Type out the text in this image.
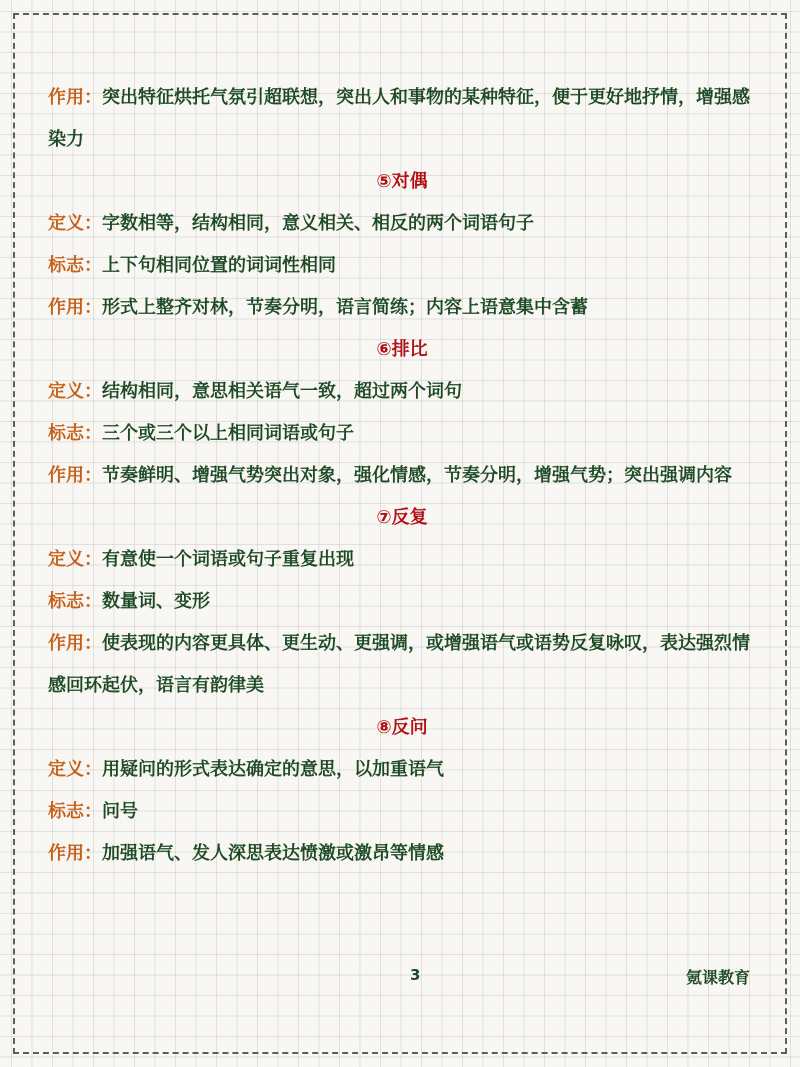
作用：突出特征烘托气氛引超联想，突出人和事物的某种特征，便于更好地抒情，增强感染力
⑤对偶
定义：字数相等，结构相同，意义相关、相反的两个词语句子
标志：上下句相同位置的词词性相同
作用：形式上整齐对林，节奏分明，语言简练；内容上语意集中含蓄
⑥排比
定义：结构相同，意思相关语气一致，超过两个词句
标志：三个或三个以上相同词语或句子
作用：节奏鲜明、增强气势突出对象，强化情感，节奏分明，增强气势；突出强调内容
⑦反复
定义：有意使一个词语或句子重复出现
标志：数量词、变形
作用：使表现的内容更具体、更生动、更强调，或增强语气或语势反复咏叹，表达强烈情感回环起伏，语言有韵律美
⑧反问
定义：用疑问的形式表达确定的意思，以加重语气
标志：问号
作用：加强语气、发人深思表达愤激或激昂等情感
3	氪课教育
